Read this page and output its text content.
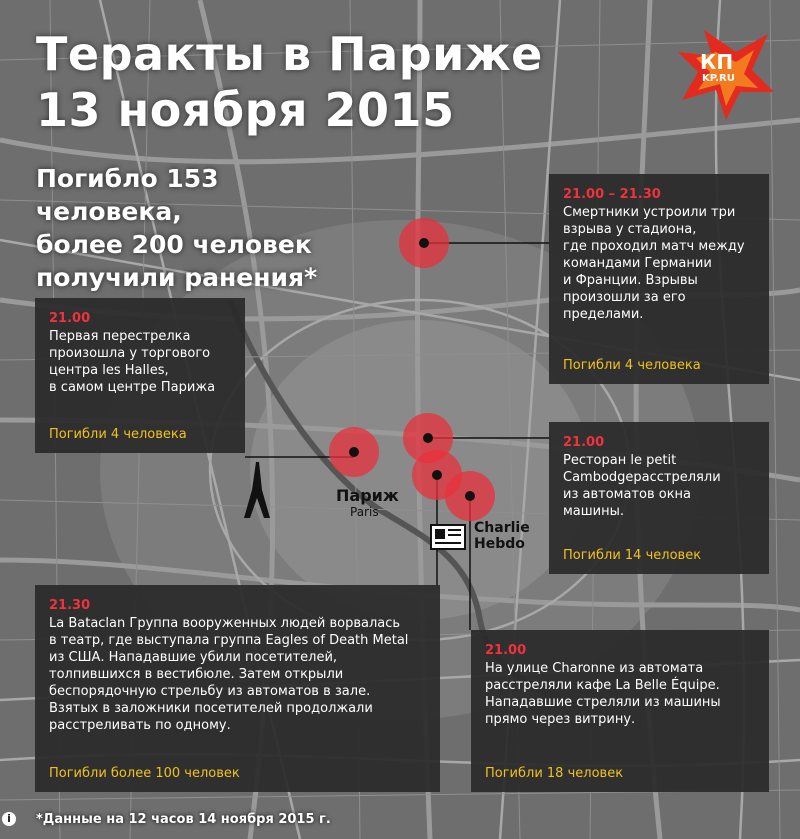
Теракты в Париже
13 ноября 2015

Погибло 153 человека,
более 200 человек
получили ранения*

КП
KP.RU
Париж
Paris
Charlie
Hebdo
21.00 – 21.30
Смертники устроили три
взрыва у стадиона,
где проходил матч между
командами Германии
и Франции. Взрывы
произошли за его
пределами.
Погибли 4 человека
21.00
Первая перестрелка
произошла у торгового
центра les Halles,
в самом центре Парижа
Погибли 4 человека
21.00
Ресторан le petit
Cambodgeрасстреляли
из автоматов окна
машины.
Погибли 14 человек
21.30
La Bataclan Группа вооруженных людей ворвалась
в театр, где выступала группа Eagles of Death Metal
из США. Нападавшие убили посетителей,
толпившихся в вестибюле. Затем открыли
беспорядочную стрельбу из автоматов в зале.
Взятых в заложники посетителей продолжали
расстреливать по одному.
Погибли более 100 человек
21.00
На улице Charonne из автомата
расстреляли кафе La Belle Équipe.
Нападавшие стреляли из машины
прямо через витрину.
Погибли 18 человек
i	*Данные на 12 часов 14 ноября 2015 г.
